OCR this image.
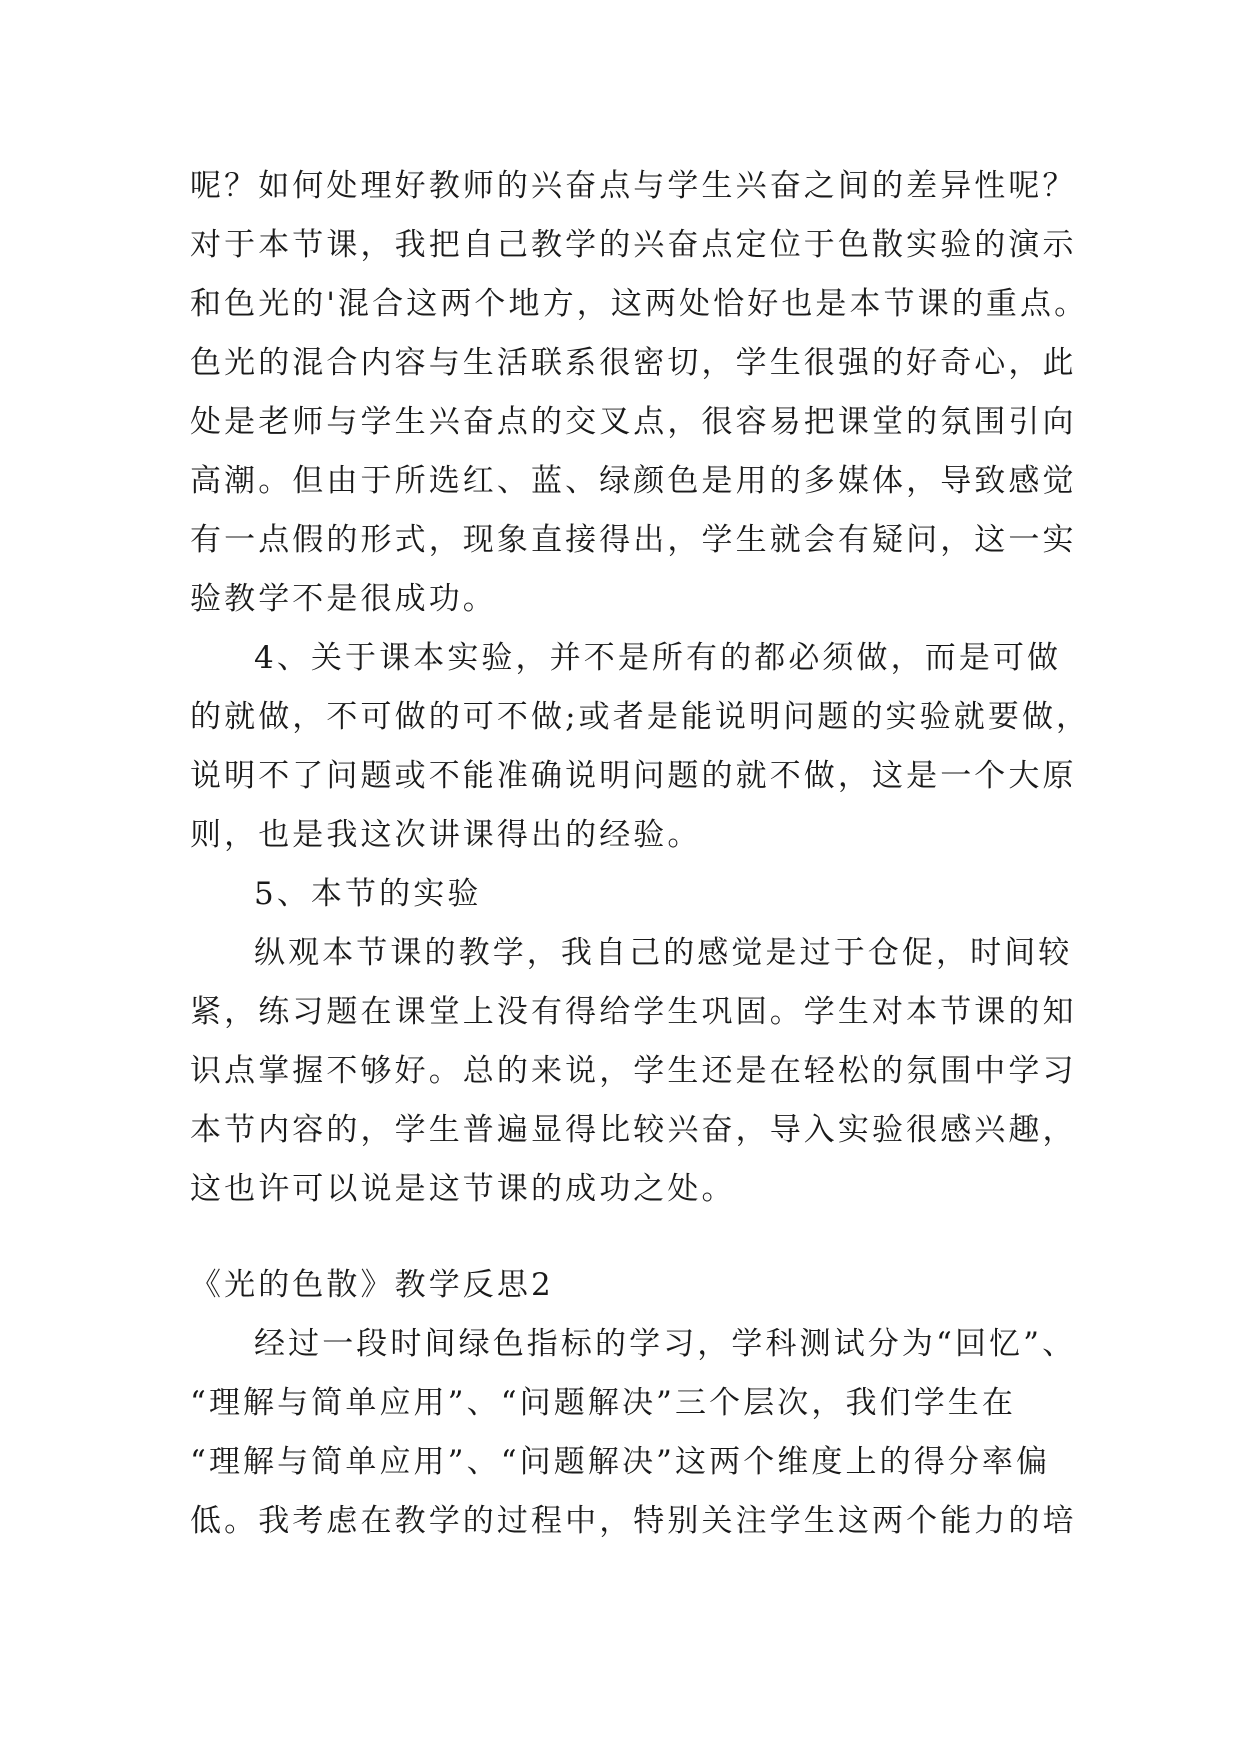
呢？如何处理好教师的兴奋点与学生兴奋之间的差异性呢？
对于本节课，我把自己教学的兴奋点定位于色散实验的演示
和色光的'混合这两个地方，这两处恰好也是本节课的重点。
色光的混合内容与生活联系很密切，学生很强的好奇心，此
处是老师与学生兴奋点的交叉点，很容易把课堂的氛围引向
高潮。但由于所选红、蓝、绿颜色是用的多媒体，导致感觉
有一点假的形式，现象直接得出，学生就会有疑问，这一实
验教学不是很成功。
4、关于课本实验，并不是所有的都必须做，而是可做
的就做，不可做的可不做;或者是能说明问题的实验就要做，
说明不了问题或不能准确说明问题的就不做，这是一个大原
则，也是我这次讲课得出的经验。
5、本节的实验
纵观本节课的教学，我自己的感觉是过于仓促，时间较
紧，练习题在课堂上没有得给学生巩固。学生对本节课的知
识点掌握不够好。总的来说，学生还是在轻松的氛围中学习
本节内容的，学生普遍显得比较兴奋，导入实验很感兴趣，
这也许可以说是这节课的成功之处。
《光的色散》教学反思2
经过一段时间绿色指标的学习，学科测试分为“回忆”、
“理解与简单应用”、“问题解决”三个层次，我们学生在
“理解与简单应用”、“问题解决”这两个维度上的得分率偏
低。我考虑在教学的过程中，特别关注学生这两个能力的培
